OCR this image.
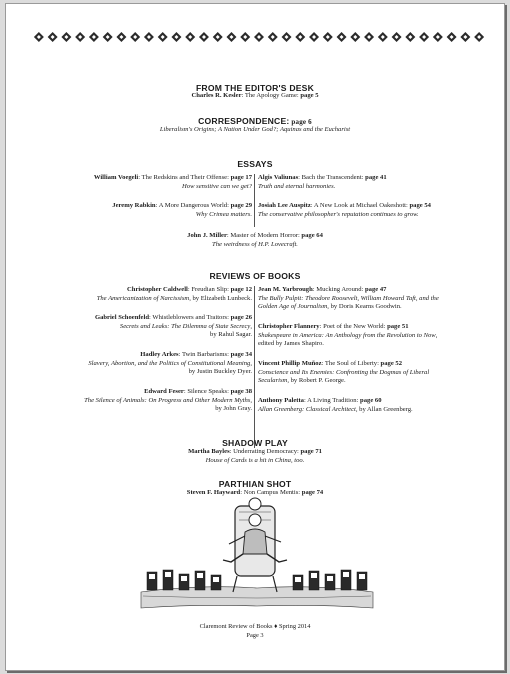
FROM THE EDITOR'S DESK
Charles R. Kesler: The Apology Game: page 5
CORRESPONDENCE: page 6
Liberalism's Origins; A Nation Under God?; Aquinas and the Eucharist
ESSAYS
William Voegeli: The Redskins and Their Offense: page 17
How sensitive can we get?
Jeremy Rabkin: A More Dangerous World: page 29
Why Crimea matters.
Algis Valiunas: Bach the Transcendent: page 41
Truth and eternal harmonies.
Josiah Lee Auspitz: A New Look at Michael Oakeshott: page 54
The conservative philosopher's reputation continues to grow.
John J. Miller: Master of Modern Horror: page 64
The weirdness of H.P. Lovecraft.
REVIEWS OF BOOKS
SHADOW PLAY
Martha Bayles: Underrating Democracy: page 71
House of Cards is a hit in China, too.
PARTHIAN SHOT
Steven F. Hayward: Non Campus Mentis: page 74
Claremont Review of Books ♦ Spring 2014
Page 3
Christopher Caldwell: Freudian Slip: page 12
The Americanization of Narcissism, by Elizabeth Lunbeck.
Gabriel Schoenfeld: Whistleblowers and Traitors: page 26
Secrets and Leaks: The Dilemma of State Secrecy,
by Rahul Sagar.
Hadley Arkes: Twin Barbarisms: page 34
Slavery, Abortion, and the Politics of Constitutional Meaning,
by Justin Buckley Dyer.
Edward Feser: Silence Speaks: page 38
The Silence of Animals: On Progress and Other Modern Myths,
by John Gray.
Jean M. Yarbrough: Mucking Around: page 47
The Bully Pulpit: Theodore Roosevelt, William Howard Taft, and the
Golden Age of Journalism, by Doris Kearns Goodwin.
Christopher Flannery: Poet of the New World: page 51
Shakespeare in America: An Anthology from the Revolution to Now,
edited by James Shapiro.
Vincent Phillip Muñoz: The Soul of Liberty: page 52
Conscience and Its Enemies: Confronting the Dogmas of Liberal
Secularism, by Robert P. George.
Anthony Paletta: A Living Tradition: page 60
Allan Greenberg: Classical Architect, by Allan Greenberg.
